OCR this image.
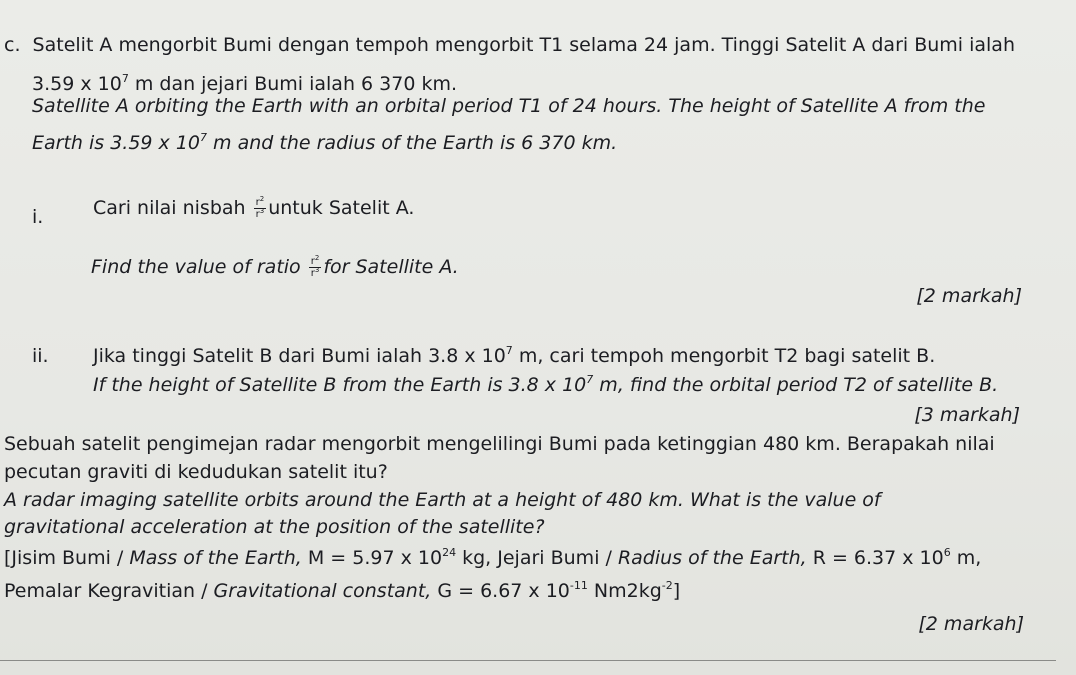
c. Satelit A mengorbit Bumi dengan tempoh mengorbit T1 selama 24 jam. Tinggi Satelit A dari Bumi ialah
3.59 x $10^7$ m dan jejari Bumi ialah 6 370 km.
Satellite A orbiting the Earth with an orbital period T1 of 24 hours. The height of Satellite A from the
Earth is 3.59 x $10^7$ m and the radius of the Earth is 6 370 km.
i.	Cari nilai nisbah $\frac{r^2}{r^3}$ untuk Satelit A.
Find the value of ratio $\frac{r^2}{r^3}$ for Satellite A.
[2 markah]
ii. Jika tinggi Satelit B dari Bumi ialah 3.8 x $10^7$ m, cari tempoh mengorbit T2 bagi satelit B.
If the height of Satellite B from the Earth is 3.8 x $10^7$ m, find the orbital period T2 of satellite B.
[3 markah]
Sebuah satelit pengimejan radar mengorbit mengelilingi Bumi pada ketinggian 480 km. Berapakah nilai
pecutan graviti di kedudukan satelit itu?
A radar imaging satellite orbits around the Earth at a height of 480 km. What is the value of
gravitational acceleration at the position of the satellite?
[Jisim Bumi / Mass of the Earth, M = 5.97 x $10^{24}$ kg, Jejari Bumi / Radius of the Earth, R = 6.37 x $10^6$ m,
Pemalar Kegravitian / Gravitational constant, G = 6.67 x $10^{-11}$ $Nm2kg^{-2}$]
[2 markah]
